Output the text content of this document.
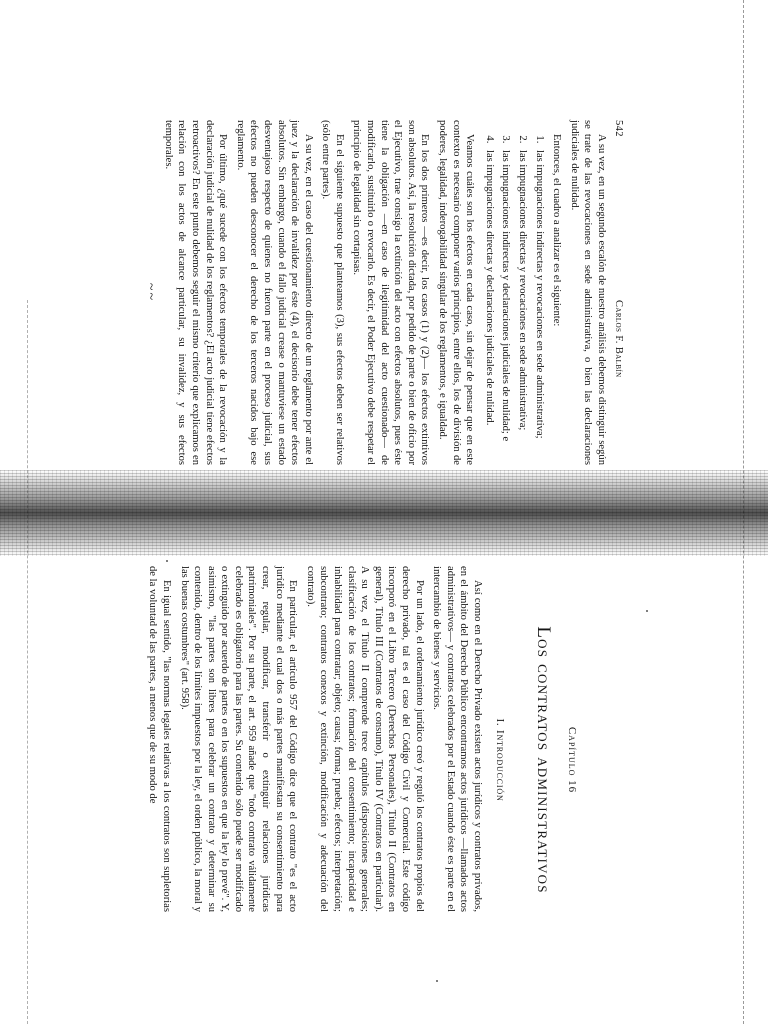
542
Carlos F. Balbín

A su vez, en un segundo escalón de nuestro análisis debemos distinguir según se trate de las revocaciones en sede administrativa, o bien las declaraciones judiciales de nulidad.

Entonces, el cuadro a analizar es el siguiente:

1. las impugnaciones indirectas y revocaciones en sede administrativa;
2. las impugnaciones directas y revocaciones en sede administrativa;
3. las impugnaciones indirectas y declaraciones judiciales de nulidad; e
4. las impugnaciones directas y declaraciones judiciales de nulidad.

Veamos cuáles son los efectos en cada caso, sin dejar de pensar que en este contexto es necesario componer varios principios, entre ellos, los de división de poderes, legalidad, inderogabilidad singular de los reglamentos, e igualdad.

En los dos primeros —es decir, los casos (1) y (2)— los efectos extintivos son absolutos. Así, la resolución dictada, por pedido de parte o bien de oficio por el Ejecutivo, trae consigo la extinción del acto con efectos absolutos, pues éste tiene la obligación —en caso de ilegitimidad del acto cuestionado— de modificarlo, sustituirlo o revocarlo. Es decir, el Poder Ejecutivo debe respetar el principio de legalidad sin cortapisas.

En el siguiente supuesto que planteamos (3), sus efectos deben ser relativos (sólo entre partes).

A su vez, en el caso del cuestionamiento directo de un reglamento por ante el juez y la declaración de invalidez por éste (4), el decisorio debe tener efectos absolutos. Sin embargo, cuando el fallo judicial crease o mantuviese un estado desventajoso respecto de quienes no fueron parte en el proceso judicial, sus efectos no pueden desconocer el derecho de los terceros nacidos bajo ese reglamento.

Por último, ¿qué sucede con los efectos temporales de la revocación y la declaración judicial de nulidad de los reglamentos? ¿El acto judicial tiene efectos retroactivos? En este punto debemos seguir el mismo criterio que explicamos en relación con los actos de alcance particular, su invalidez, y sus efectos temporales.

~~
Capítulo 16
Los contratos administrativos
I. Introducción

Así como en el Derecho Privado existen actos jurídicos y contratos privados, en el ámbito del Derecho Público encontramos actos jurídicos —llamados actos administrativos— y contratos celebrados por el Estado cuando éste es parte en el intercambio de bienes y servicios.

Por un lado, el ordenamiento jurídico creó y reguló los contratos propios del derecho privado, tal es el caso del Código Civil y Comercial. Este código incorporó en el Libro Tercero (Derechos Personales), Título II (Contratos en general), Título III (Contratos de consumo), Título IV (Contratos en particular). A su vez, el Título II comprende trece capítulos (disposiciones generales; clasificación de los contratos; formación del consentimiento; incapacidad e inhabilidad para contratar; objeto; causa; forma; prueba; efectos; interpretación; subcontrato; contratos conexos y extinción, modificación y adecuación del contrato).

En particular, el artículo 957 del Código dice que el contrato "es el acto jurídico mediante el cual dos o más partes manifiestan su consentimiento para crear, regular, modificar, transferir o extinguir relaciones jurídicas patrimoniales". Por su parte, el art. 959 añade que "todo contrato válidamente celebrado es obligatorio para las partes. Su contenido sólo puede ser modificado o extinguido por acuerdo de partes o en los supuestos en que la ley lo prevé". Y, asimismo, "las partes son libres para celebrar un contrato y determinar su contenido, dentro de los límites impuestos por la ley, el orden público, la moral y las buenas costumbres" (art. 958).

En igual sentido, "las normas legales relativas a los contratos son supletorias de la voluntad de las partes, a menos que de su modo de
